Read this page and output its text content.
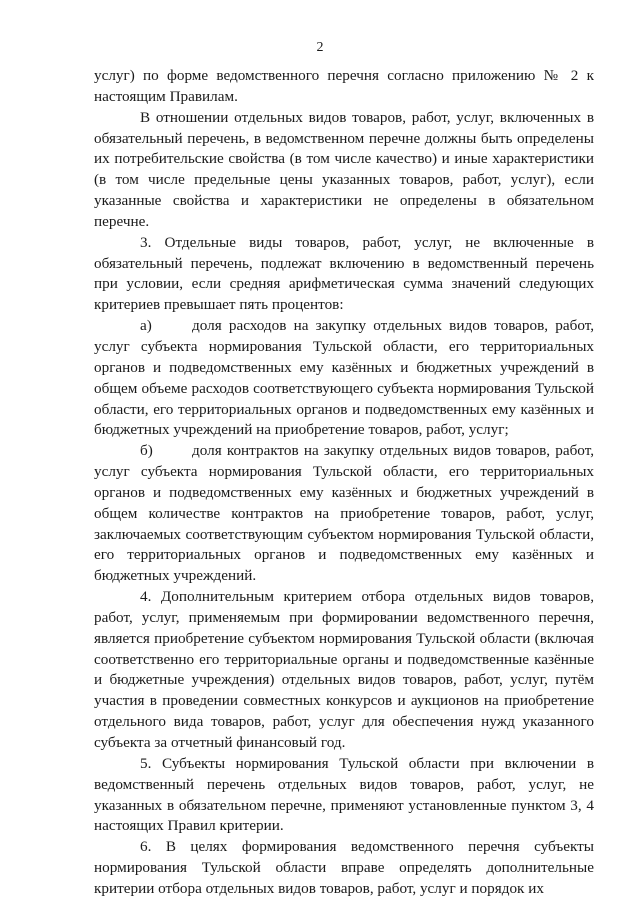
2

услуг) по форме ведомственного перечня согласно приложению № 2 к настоящим Правилам.

В отношении отдельных видов товаров, работ, услуг, включенных в обязательный перечень, в ведомственном перечне должны быть определены их потребительские свойства (в том числе качество) и иные характеристики (в том числе предельные цены указанных товаров, работ, услуг), если указанные свойства и характеристики не определены в обязательном перечне.

3. Отдельные виды товаров, работ, услуг, не включенные в обязательный перечень, подлежат включению в ведомственный перечень при условии, если средняя арифметическая сумма значений следующих критериев превышает пять процентов:

а)	доля расходов на закупку отдельных видов товаров, работ, услуг субъекта нормирования Тульской области, его территориальных органов и подведомственных ему казённых и бюджетных учреждений в общем объеме расходов соответствующего субъекта нормирования Тульской области, его территориальных органов и подведомственных ему казённых и бюджетных учреждений на приобретение товаров, работ, услуг;

б)	доля контрактов на закупку отдельных видов товаров, работ, услуг субъекта нормирования Тульской области, его территориальных органов и подведомственных ему казённых и бюджетных учреждений в общем количестве контрактов на приобретение товаров, работ, услуг, заключаемых соответствующим субъектом нормирования Тульской области, его территориальных органов и подведомственных ему казённых и бюджетных учреждений.

4. Дополнительным критерием отбора отдельных видов товаров, работ, услуг, применяемым при формировании ведомственного перечня, является приобретение субъектом нормирования Тульской области (включая соответственно его территориальные органы и подведомственные казённые и бюджетные учреждения) отдельных видов товаров, работ, услуг, путём участия в проведении совместных конкурсов и аукционов на приобретение отдельного вида товаров, работ, услуг для обеспечения нужд указанного субъекта за отчетный финансовый год.

5. Субъекты нормирования Тульской области при включении в ведомственный перечень отдельных видов товаров, работ, услуг, не указанных в обязательном перечне, применяют установленные пунктом 3, 4 настоящих Правил критерии.

6. В целях формирования ведомственного перечня субъекты нормирования Тульской области вправе определять дополнительные критерии отбора отдельных видов товаров, работ, услуг и порядок их
